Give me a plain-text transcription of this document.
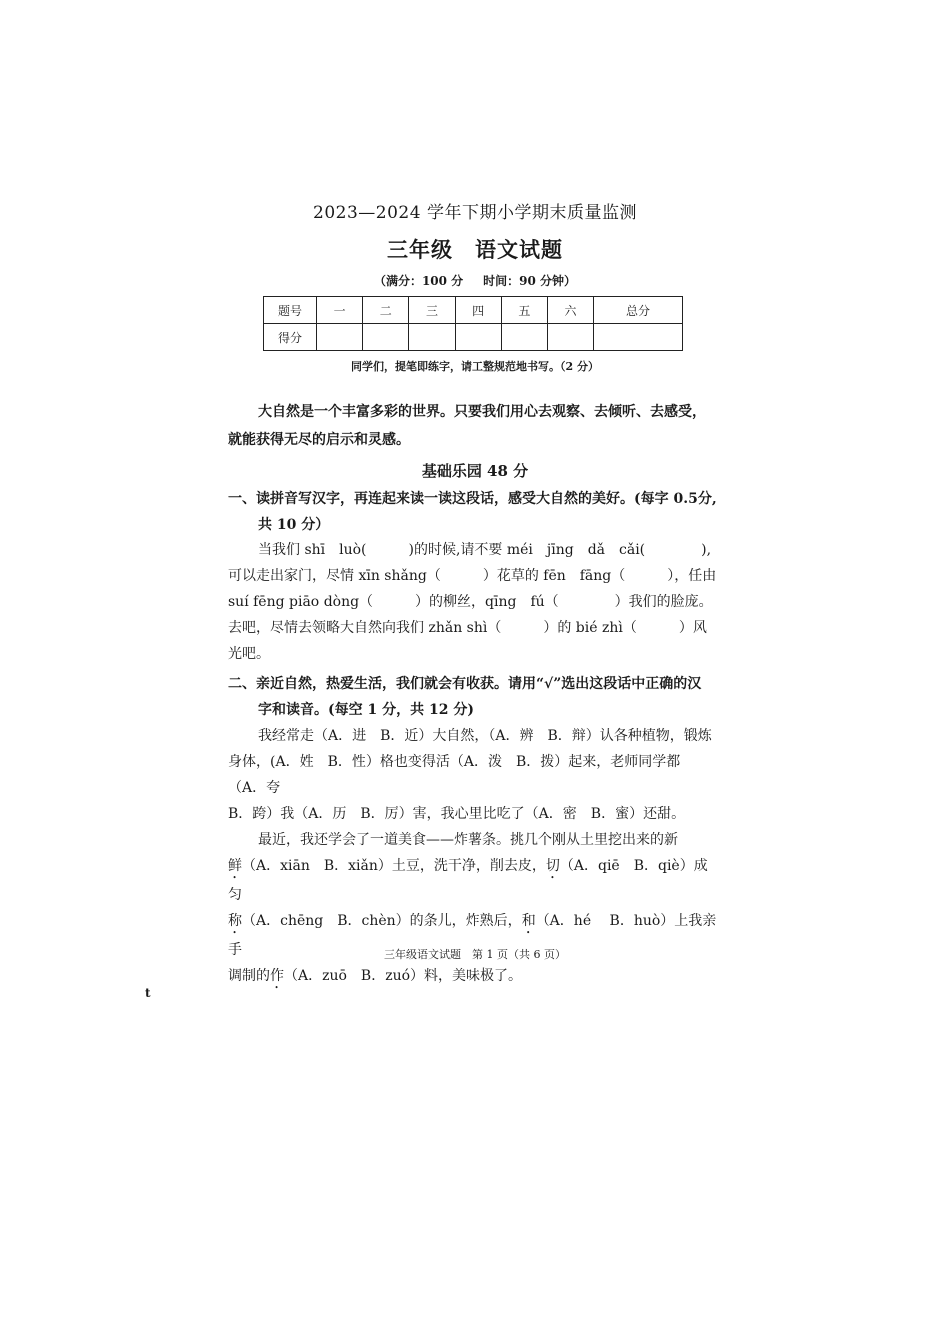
2023—2024 学年下期小学期末质量监测
三年级 语文试题
（满分：100 分 时间：90 分钟）
题号	一	二	三	四	五	六	总分
得分							
同学们，提笔即练字，请工整规范地书写。（2 分）

大自然是一个丰富多彩的世界。只要我们用心去观察、去倾听、去感受，

就能获得无尽的启示和灵感。

基础乐园 48 分

一、读拼音写汉字，再连起来读一读这段话，感受大自然的美好。(每字 0.5分,

共 10 分）

当我们 shī　luò(　　　)的时候,请不要 méi　jīng　dǎ　cǎi(　　　　),

可以走出家门，尽情 xīn shǎng（　　　）花草的 fēn　fāng（　　　），任由

suí fēng piāo dòng（　　　）的柳丝，qīng　fú（　　　　）我们的脸庞。

去吧，尽情去领略大自然向我们 zhǎn shì（　　　）的 bié zhì（　　　）风

光吧。

二、亲近自然，热爱生活，我们就会有收获。请用“√”选出这段话中正确的汉

字和读音。(每空 1 分，共 12 分)

我经常走（A．进　B．近）大自然，（A．辨　B．辩）认各种植物，锻炼

身体，(A．姓　B．性）格也变得活（A．泼　B．拨）起来，老师同学都（A．夸

B．跨）我（A．历　B．厉）害，我心里比吃了（A．密　B．蜜）还甜。

最近，我还学会了一道美食——炸薯条。挑几个刚从土里挖出来的新

鲜（A．xiān　B．xiǎn）土豆，洗干净，削去皮，切（A．qiē　B．qiè）成匀

称（A．chēng　B．chèn）的条儿，炸熟后，和（A．hé　 B．huò）上我亲手

调制的作（A．zuō　B．zuó）料，美味极了。

三年级语文试题　第 1 页（共 6 页）
t
